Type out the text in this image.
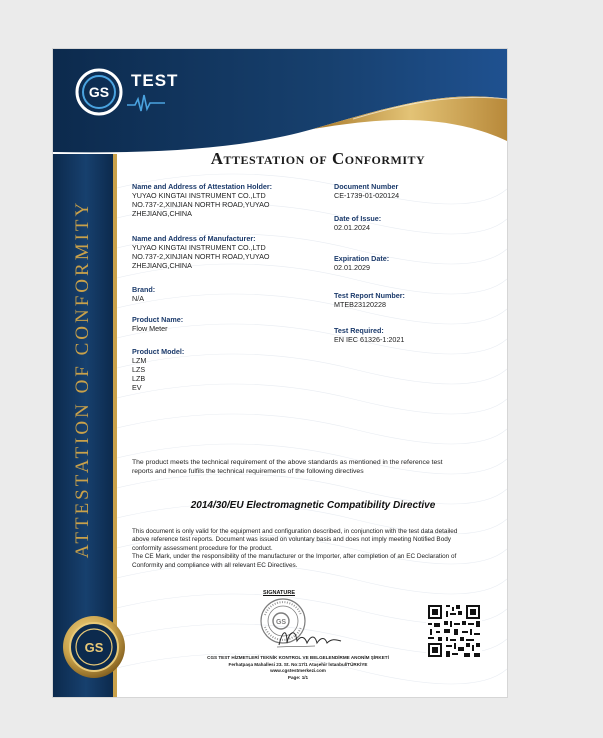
GS
TEST
ATTESTATION OF CONFORMITY
GS
Attestation of Conformity
Name and Address of Attestation Holder:
YUYAO KINGTAI INSTRUMENT CO.,LTD
NO.737-2,XINJIAN NORTH ROAD,YUYAO
ZHEJIANG,CHINA
Name and Address of Manufacturer:
YUYAO KINGTAI INSTRUMENT CO.,LTD
NO.737-2,XINJIAN NORTH ROAD,YUYAO
ZHEJIANG,CHINA
Brand:
N/A
Product Name:
Flow Meter
Product Model:
LZM
LZS
LZB
EV
Document Number
CE-1739-01-020124
Date of Issue:
02.01.2024
Expiration Date:
02.01.2029
Test Report Number:
MTEB23120228
Test Required:
EN IEC 61326-1:2021
The product meets the technical requirement of the above standards as mentioned in the reference test
reports and hence fulfils the technical requirements of the following directives
2014/30/EU Electromagnetic Compatibility Directive
This document is only valid for the equipment and configuration described, in conjunction with the test data detailed
above reference test reports. Document was issued on voluntary basis and does not imply meeting Notified Body
conformity assessment procedure for the product.
The CE Mark, under the responsibility of the manufacturer or the Importer, after completion of an EC Declaration of
Conformity and compliance with all relevant EC Directives.
SIGNATURE
GS
CGS TEST HİZMETLERİ TEKNİK KONTROL VE BELGELENDİRME ANONİM ŞİRKETİ
Ferhatpaşa Mahallesi 23. St. No:17/1 Ataşehir İstanbul/TÜRKİYE
www.cgstestmerkezi.com
Page: 1/1
